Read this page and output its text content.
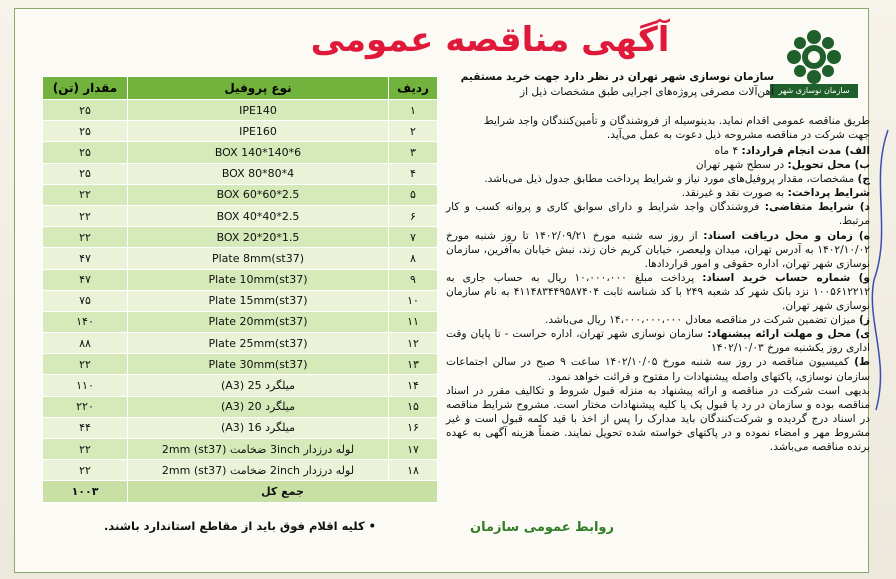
سازمان نوسازی شهر تهران
آگهی مناقصه عمومی

سازمان نوسازی شهر تهران در نظر دارد جهت خرید مستقیم

آهن‌آلات مصرفی پروژه‌های اجرایی طبق مشخصات ذیل از

طریق مناقصه عمومی اقدام نماید. بدینوسیله از فروشندگان و تأمین‌کنندگان واجد شرایط

جهت شرکت در مناقصه مشروحه ذیل دعوت به عمل می‌آید.

الف) مدت انجام قرارداد: ۴ ماه

ب) محل تحویل: در سطح شهر تهران

ج) مشخصات، مقدار پروفیل‌های مورد نیاز و شرایط پرداخت مطابق جدول ذیل می‌باشد.

شرایط پرداخت: به صورت نقد و غیرنقد.

د) شرایط متقاضی: فروشندگان واجد شرایط و دارای سوابق کاری و پروانه کسب و کار مرتبط.

ه) زمان و محل دریافت اسناد: از روز سه شنبه مورخ ۱۴۰۲/۰۹/۲۱ تا روز شنبه مورخ ۱۴۰۲/۱۰/۰۲ به آدرس تهران، میدان ولیعصر، خیابان کریم خان زند، نبش خیابان به‌آفرین، سازمان نوسازی شهر تهران، اداره حقوقی و امور قراردادها.

و) شماره حساب خرید اسناد: پرداخت مبلغ ۱۰،۰۰۰،۰۰۰ ریال به حساب جاری به ۱۰۰۵۶۱۲۲۱۲ نزد بانک شهر کد شعبه ۲۴۹ با کد شناسه ثابت ۴۱۱۴۸۳۴۴۹۵۸۷۴۰۴ به نام سازمان نوسازی شهر تهران.

ز) میزان تضمین شرکت در مناقصه معادل ۱۴،۰۰۰،۰۰۰،۰۰۰ ریال می‌باشد.

ی) محل و مهلت ارائه پیشنهاد: سازمان نوسازی شهر تهران، اداره حراست - تا پایان وقت اداری روز یکشنبه مورخ ۱۴۰۲/۱۰/۰۳

ط) کمیسیون مناقصه در روز سه شنبه مورخ ۱۴۰۲/۱۰/۰۵ ساعت ۹ صبح در سالن اجتماعات سازمان نوسازی، پاکتهای واصله پیشنهادات را مفتوح و قرائت خواهد نمود.

بدیهی است شرکت در مناقصه و ارائه پیشنهاد به منزله قبول شروط و تکالیف مقرر در اسناد مناقصه بوده و سازمان در رد یا قبول یک یا کلیه پیشنهادات مختار است. مشروح شرایط مناقصه در اسناد درج گردیده و شرکت‌کنندگان باید مدارک را پس از اخذ با قید کلمه قبول است و غیر مشروط مهر و امضاء نموده و در پاکتهای خواسته شده تحویل نمایند. ضمناً هزینه آگهی به عهده برنده مناقصه می‌باشد.

روابط عمومی سازمان
ردیف	نوع پروفیل	مقدار (تن)
۱	IPE140	۲۵
۲	IPE160	۲۵
۳	BOX 140*140*6	۲۵
۴	BOX 80*80*4	۲۵
۵	BOX 60*60*2.5	۲۲
۶	BOX 40*40*2.5	۲۲
۷	BOX 20*20*1.5	۲۲
۸	Plate 8mm(st37)	۴۷
۹	Plate 10mm(st37)	۴۷
۱۰	Plate 15mm(st37)	۷۵
۱۱	Plate 20mm(st37)	۱۴۰
۱۲	Plate 25mm(st37)	۸۸
۱۳	Plate 30mm(st37)	۲۲
۱۴	میلگرد 25 (A3)	۱۱۰
۱۵	میلگرد 20 (A3)	۲۲۰
۱۶	میلگرد 16 (A3)	۴۴
۱۷	لوله درزدار 3inch ضخامت 2mm (st37)	۲۲
۱۸	لوله درزدار 2inch ضخامت 2mm (st37)	۲۲
جمع کل		۱۰۰۳
• کلیه اقلام فوق باید از مقاطع استاندارد باشند.
